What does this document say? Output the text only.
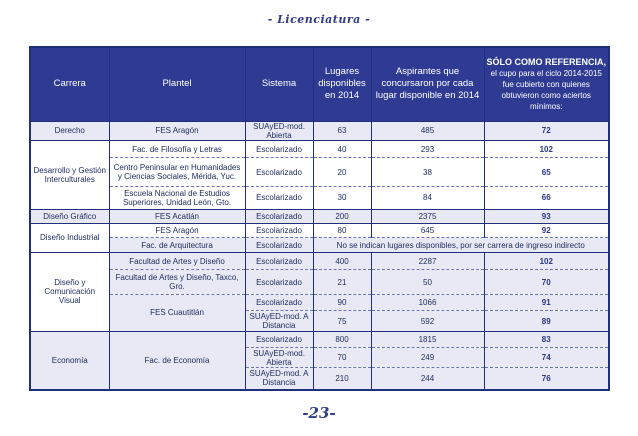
- Licenciatura -
Carrera	Plantel	Sistema	Lugares disponibles en 2014	Aspirantes que concursaron por cada lugar disponible en 2014	SÓLO COMO REFERENCIA,
el cupo para el ciclo 2014-2015 fue cubierto con quienes obtuvieron como aciertos mínimos:

Derecho	FES Aragón	SUAyED-mod. Abierta	63	485	72
Desarrollo y Gestión Interculturales	Fac. de Filosofía y Letras	Escolarizado	40	293	102
	Centro Peninsular en Humanidades y Ciencias Sociales, Mérida, Yuc.	Escolarizado	20	38	65
	Escuela Nacional de Estudios Superiores, Unidad León, Gto.	Escolarizado	30	84	66
Diseño Gráfico	FES Acatlán	Escolarizado	200	2375	93
Diseño Industrial	FES Aragón	Escolarizado	80	645	92
	Fac. de Arquitectura	Escolarizado	No se indican lugares disponibles, por ser carrera de ingreso indirecto		
Diseño y Comunicación Visual	Facultad de Artes y Diseño	Escolarizado	400	2287	102
	Facultad de Artes y Diseño, Taxco, Gro.	Escolarizado	21	50	70
	FES Cuautitlán	Escolarizado	90	1066	91
		SUAyED-mod. A Distancia	75	592	89
Economía	Fac. de Economía	Escolarizado	800	1815	83
		SUAyED-mod. Abierta	70	249	74
		SUAyED-mod. A Distancia	210	244	76
-23-
